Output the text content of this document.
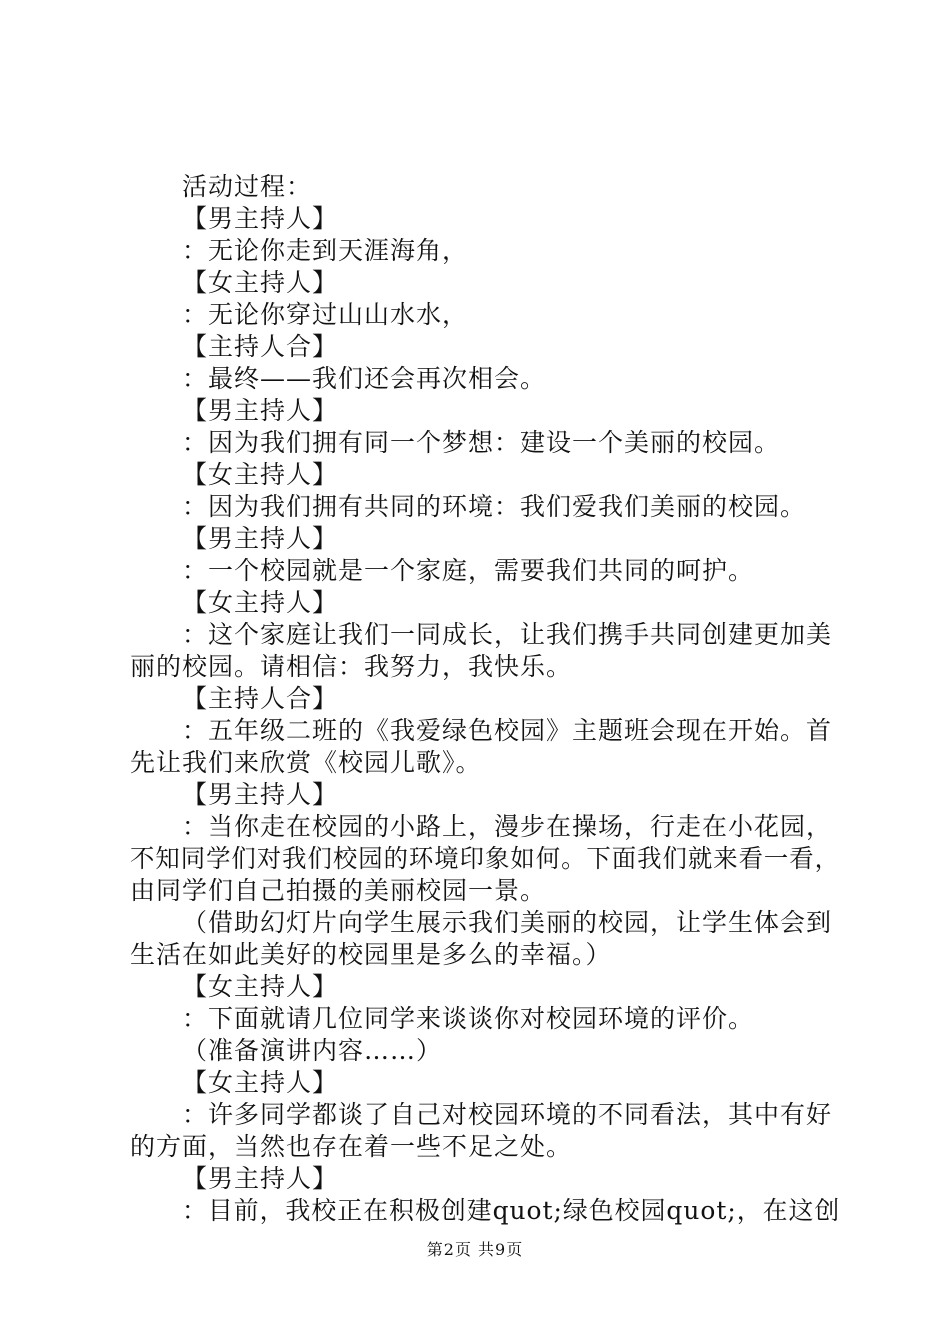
活动过程：
【男主持人】
：无论你走到天涯海角，
【女主持人】
：无论你穿过山山水水，
【主持人合】
：最终——我们还会再次相会。
【男主持人】
：因为我们拥有同一个梦想：建设一个美丽的校园。
【女主持人】
：因为我们拥有共同的环境：我们爱我们美丽的校园。
【男主持人】
：一个校园就是一个家庭，需要我们共同的呵护。
【女主持人】
：这个家庭让我们一同成长，让我们携手共同创建更加美
丽的校园。请相信：我努力，我快乐。
【主持人合】
：五年级二班的《我爱绿色校园》主题班会现在开始。首
先让我们来欣赏《校园儿歌》。
【男主持人】
：当你走在校园的小路上，漫步在操场，行走在小花园，
不知同学们对我们校园的环境印象如何。下面我们就来看一看，
由同学们自己拍摄的美丽校园一景。
（借助幻灯片向学生展示我们美丽的校园，让学生体会到
生活在如此美好的校园里是多么的幸福。）
【女主持人】
：下面就请几位同学来谈谈你对校园环境的评价。
（准备演讲内容……）
【女主持人】
：许多同学都谈了自己对校园环境的不同看法，其中有好
的方面，当然也存在着一些不足之处。
【男主持人】
：目前，我校正在积极创建quot;绿色校园quot;，在这创
第2页 共9页
